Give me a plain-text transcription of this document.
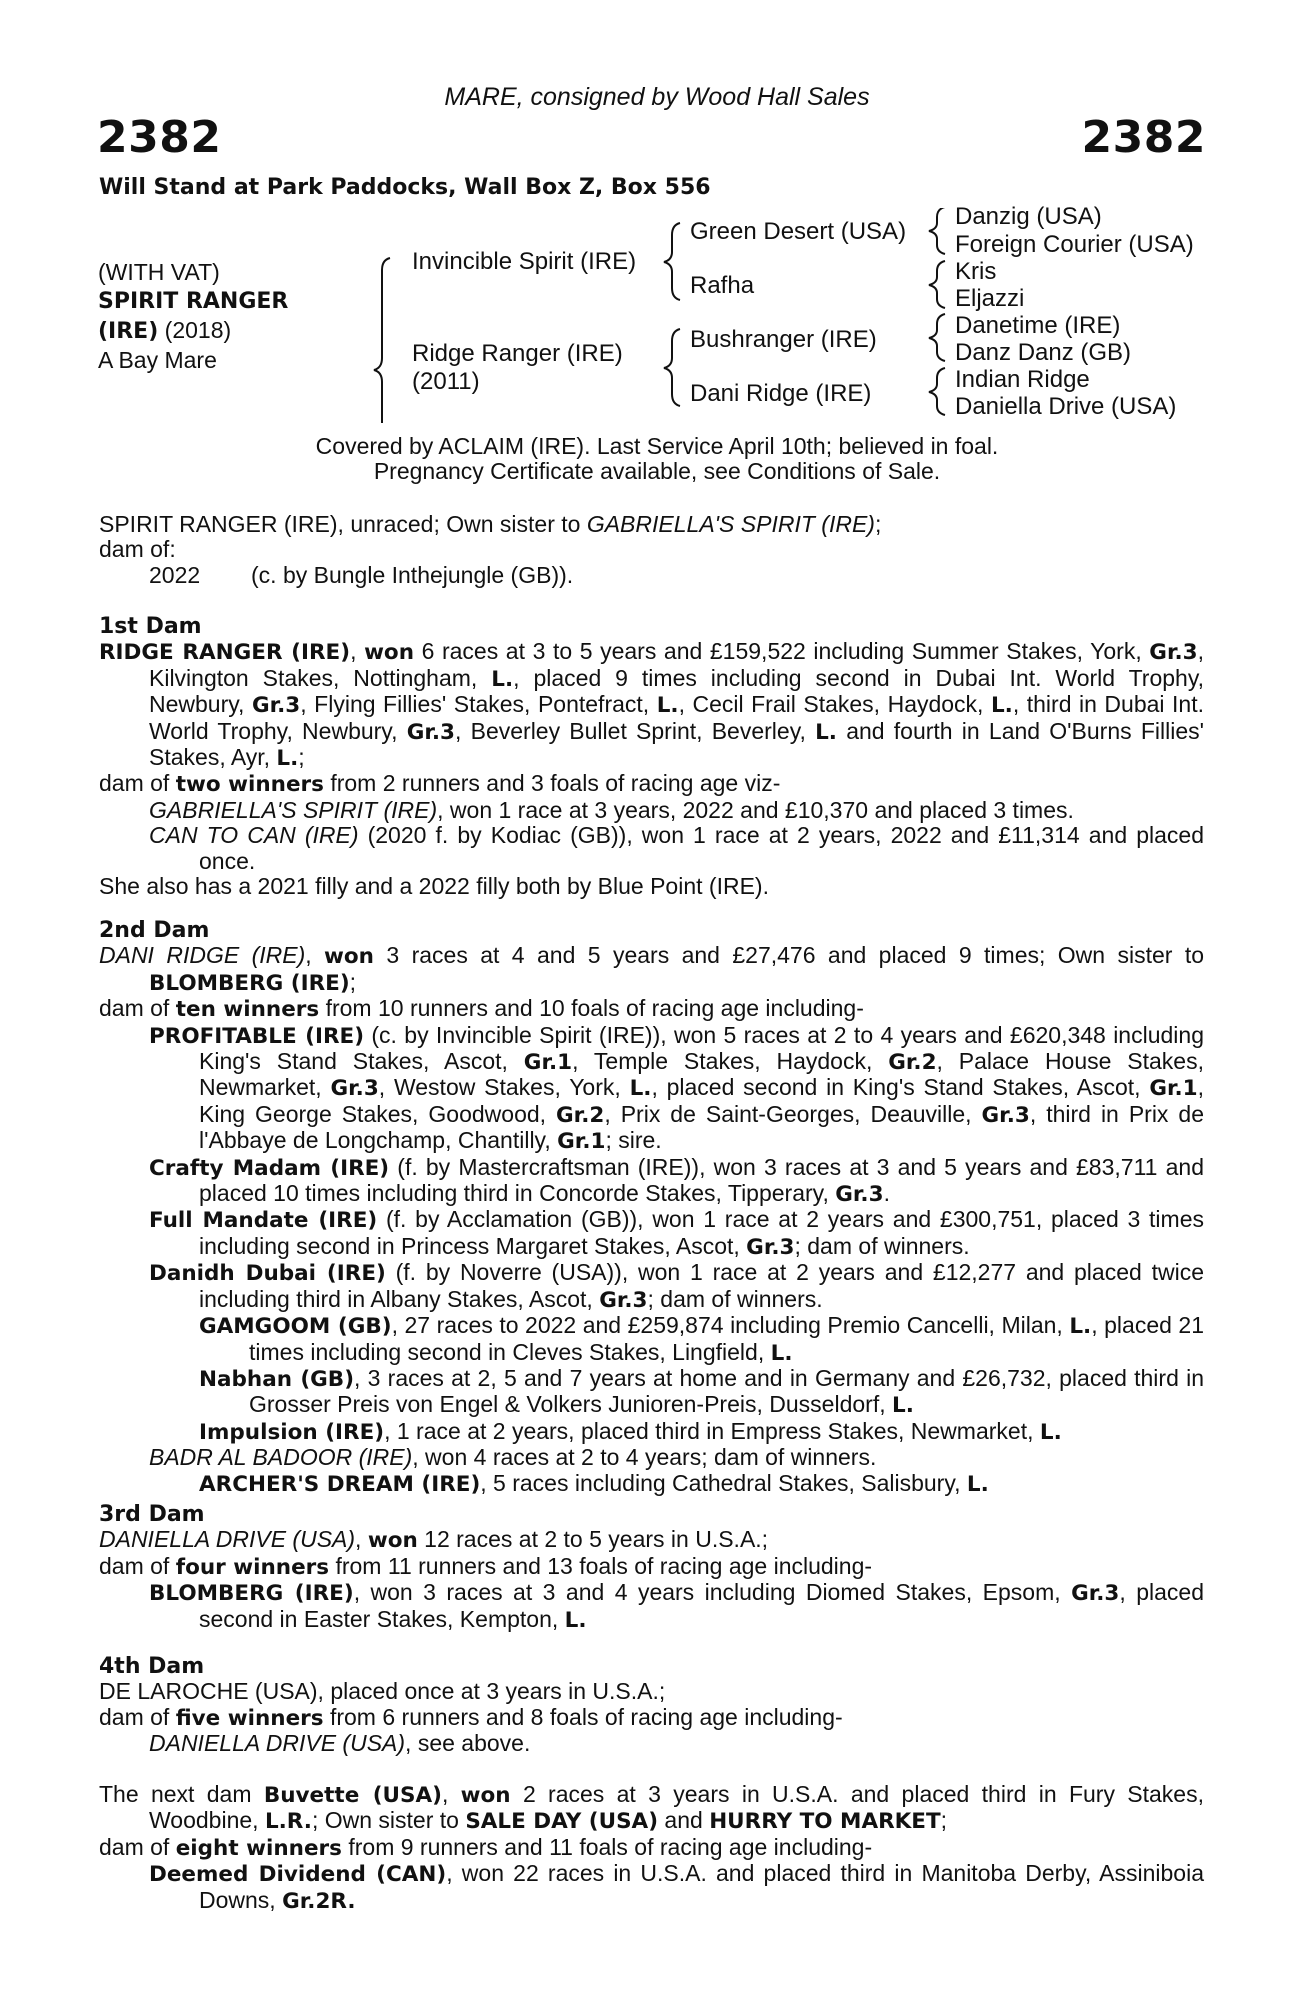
MARE, consigned by Wood Hall Sales
2382	2382
Will Stand at Park Paddocks, Wall Box Z, Box 556
(WITH VAT)
SPIRIT RANGER
(IRE) (2018)
A Bay Mare
Invincible Spirit (IRE)
Ridge Ranger (IRE)
(2011)
Green Desert (USA)
Rafha
Bushranger (IRE)
Dani Ridge (IRE)
Danzig (USA)
Foreign Courier (USA)
Kris
Eljazzi
Danetime (IRE)
Danz Danz (GB)
Indian Ridge
Daniella Drive (USA)
Covered by ACLAIM (IRE). Last Service April 10th; believed in foal.
Pregnancy Certificate available, see Conditions of Sale.

SPIRIT RANGER (IRE), unraced; Own sister to GABRIELLA'S SPIRIT (IRE);

dam of:

2022 (c. by Bungle Inthejungle (GB)).

1st Dam

RIDGE RANGER (IRE), won 6 races at 3 to 5 years and £159,522 including Summer Stakes, York, Gr.3, Kilvington Stakes, Nottingham, L., placed 9 times including second in Dubai Int. World Trophy, Newbury, Gr.3, Flying Fillies' Stakes, Pontefract, L., Cecil Frail Stakes, Haydock, L., third in Dubai Int. World Trophy, Newbury, Gr.3, Beverley Bullet Sprint, Beverley, L. and fourth in Land O'Burns Fillies' Stakes, Ayr, L.;

dam of two winners from 2 runners and 3 foals of racing age viz-

GABRIELLA'S SPIRIT (IRE), won 1 race at 3 years, 2022 and £10,370 and placed 3 times.

CAN TO CAN (IRE) (2020 f. by Kodiac (GB)), won 1 race at 2 years, 2022 and £11,314 and placed once.

She also has a 2021 filly and a 2022 filly both by Blue Point (IRE).

2nd Dam

DANI RIDGE (IRE), won 3 races at 4 and 5 years and £27,476 and placed 9 times; Own sister to BLOMBERG (IRE);

dam of ten winners from 10 runners and 10 foals of racing age including-

PROFITABLE (IRE) (c. by Invincible Spirit (IRE)), won 5 races at 2 to 4 years and £620,348 including King's Stand Stakes, Ascot, Gr.1, Temple Stakes, Haydock, Gr.2, Palace House Stakes, Newmarket, Gr.3, Westow Stakes, York, L., placed second in King's Stand Stakes, Ascot, Gr.1, King George Stakes, Goodwood, Gr.2, Prix de Saint-Georges, Deauville, Gr.3, third in Prix de l'Abbaye de Longchamp, Chantilly, Gr.1; sire.

Crafty Madam (IRE) (f. by Mastercraftsman (IRE)), won 3 races at 3 and 5 years and £83,711 and placed 10 times including third in Concorde Stakes, Tipperary, Gr.3.

Full Mandate (IRE) (f. by Acclamation (GB)), won 1 race at 2 years and £300,751, placed 3 times including second in Princess Margaret Stakes, Ascot, Gr.3; dam of winners.

Danidh Dubai (IRE) (f. by Noverre (USA)), won 1 race at 2 years and £12,277 and placed twice including third in Albany Stakes, Ascot, Gr.3; dam of winners.

GAMGOOM (GB), 27 races to 2022 and £259,874 including Premio Cancelli, Milan, L., placed 21 times including second in Cleves Stakes, Lingfield, L.

Nabhan (GB), 3 races at 2, 5 and 7 years at home and in Germany and £26,732, placed third in Grosser Preis von Engel & Volkers Junioren-Preis, Dusseldorf, L.

Impulsion (IRE), 1 race at 2 years, placed third in Empress Stakes, Newmarket, L.

BADR AL BADOOR (IRE), won 4 races at 2 to 4 years; dam of winners.

ARCHER'S DREAM (IRE), 5 races including Cathedral Stakes, Salisbury, L.

3rd Dam

DANIELLA DRIVE (USA), won 12 races at 2 to 5 years in U.S.A.;

dam of four winners from 11 runners and 13 foals of racing age including-

BLOMBERG (IRE), won 3 races at 3 and 4 years including Diomed Stakes, Epsom, Gr.3, placed second in Easter Stakes, Kempton, L.

4th Dam

DE LAROCHE (USA), placed once at 3 years in U.S.A.;

dam of five winners from 6 runners and 8 foals of racing age including-

DANIELLA DRIVE (USA), see above.

The next dam Buvette (USA), won 2 races at 3 years in U.S.A. and placed third in Fury Stakes, Woodbine, L.R.; Own sister to SALE DAY (USA) and HURRY TO MARKET;

dam of eight winners from 9 runners and 11 foals of racing age including-

Deemed Dividend (CAN), won 22 races in U.S.A. and placed third in Manitoba Derby, Assiniboia Downs, Gr.2R.
